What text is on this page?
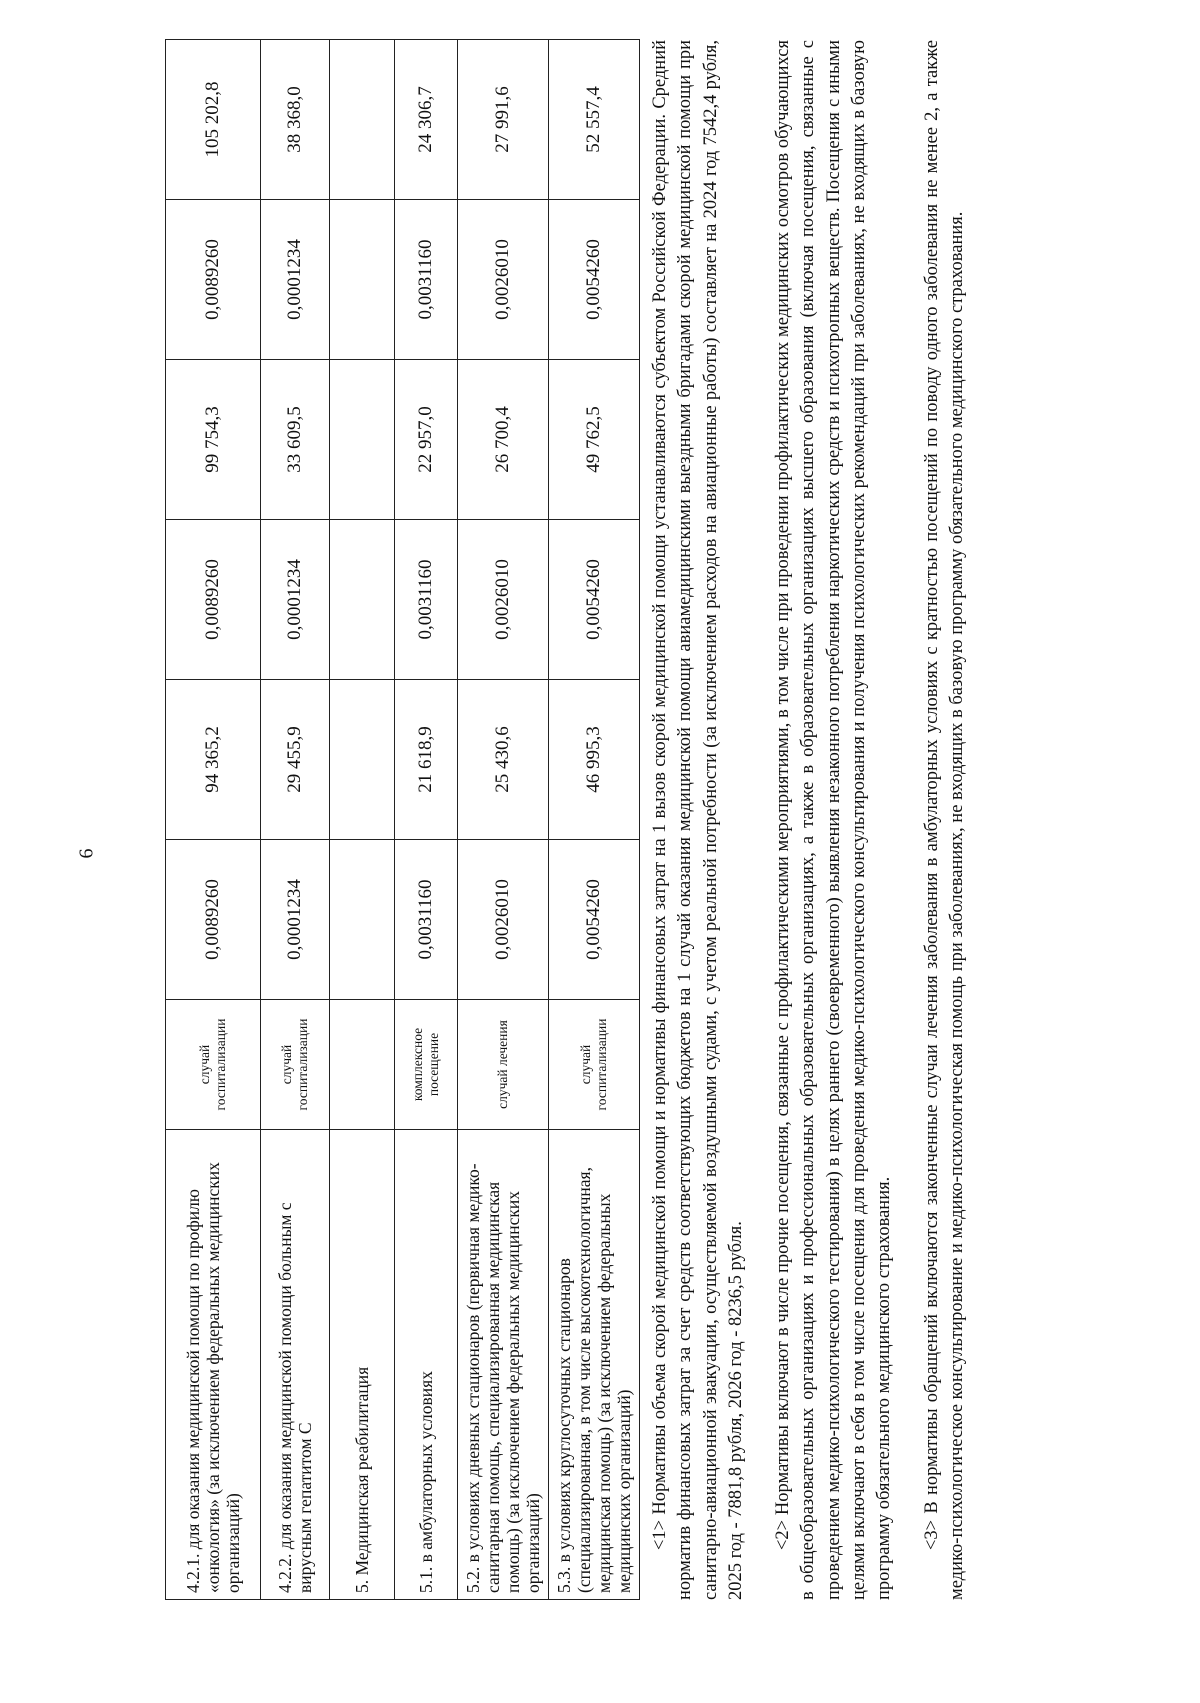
6
4.2.1. для оказания медицинской помощи по профилю «онкология» (за исключением федеральных медицинских организаций)	случай госпитализации	0,0089260	94 365,2	0,0089260	99 754,3	0,0089260	105 202,8
4.2.2. для оказания медицинской помощи больным с вирусным гепатитом С	случай госпитализации	0,0001234	29 455,9	0,0001234	33 609,5	0,0001234	38 368,0
5. Медицинская реабилитация							
5.1. в амбулаторных условиях	комплексное посещение	0,0031160	21 618,9	0,0031160	22 957,0	0,0031160	24 306,7
5.2. в условиях дневных стационаров (первичная медико-санитарная помощь, специализированная медицинская помощь) (за исключением федеральных медицинских организаций)	случай лечения	0,0026010	25 430,6	0,0026010	26 700,4	0,0026010	27 991,6
5.3. в условиях круглосуточных стационаров (специализированная, в том числе высокотехнологичная, медицинская помощь) (за исключением федеральных медицинских организаций)	случай госпитализации	0,0054260	46 995,3	0,0054260	49 762,5	0,0054260	52 557,4 <1> Нормативы объема скорой медицинской помощи и нормативы финансовых затрат на 1 вызов скорой медицинской помощи устанавливаются субъектом Российской Федерации. Средний норматив финансовых затрат за счет средств соответствующих бюджетов на 1 случай оказания медицинской помощи авиамедицинскими выездными бригадами скорой медицинской помощи при санитарно-авиационной эвакуации, осуществляемой воздушными судами, с учетом реальной потребности (за исключением расходов на авиационные работы) составляет на 2024 год 7542,4 рубля, 2025 год - 7881,8 рубля, 2026 год - 8236,5 рубля. <2> Нормативы включают в числе прочие посещения, связанные с профилактическими мероприятиями, в том числе при проведении профилактических медицинских осмотров обучающихся в общеобразовательных организациях и профессиональных образовательных организациях, а также в образовательных организациях высшего образования (включая посещения, связанные с проведением медико-психологического тестирования) в целях раннего (своевременного) выявления незаконного потребления наркотических средств и психотропных веществ. Посещения с иными целями включают в себя в том числе посещения для проведения медико-психологического консультирования и получения психологических рекомендаций при заболеваниях, не входящих в базовую программу обязательного медицинского страхования. <3> В нормативы обращений включаются законченные случаи лечения заболевания в амбулаторных условиях с кратностью посещений по поводу одного заболевания не менее 2, а также медико-психологическое консультирование и медико-психологическая помощь при заболеваниях, не входящих в базовую программу обязательного медицинского страхования.
